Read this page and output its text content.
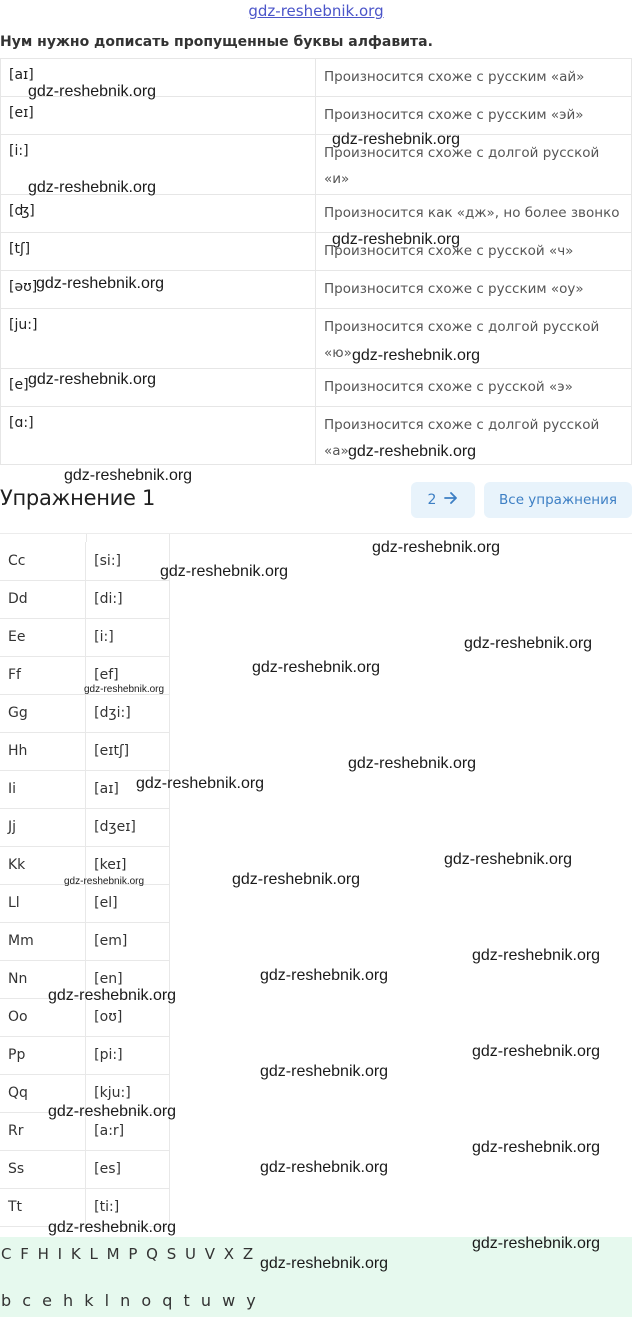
gdz-reshebnik.org
Нум нужно дописать пропущенные буквы алфавита.
[aɪ]	Произносится схоже с русским «ай»
[eɪ]	Произносится схоже с русским «эй»
[i:]	Произносится схоже с долгой русской «и»
[ʤ]	Произносится как «дж», но более звонко
[tʃ]	Произносится схоже с русской «ч»
[əʊ]	Произносится схоже с русским «оу»
[ju:]	Произносится схоже с долгой русской «ю»
[e]	Произносится схоже с русской «э»
[ɑ:]	Произносится схоже с долгой русской «а»
Упражнение 1	2	Все упражнения
Cc	[si:]
Dd	[di:]
Ee	[i:]
Ff	[ef]
Gg	[dʒi:]
Hh	[eɪtʃ]
Ii	[aɪ]
Jj	[dʒeɪ]
Kk	[keɪ]
Ll	[el]
Mm	[em]
Nn	[en]
Oo	[oʊ]
Pp	[pi:]
Qq	[kju:]
Rr	[a:r]
Ss	[es]
Tt	[ti:]
C F H I K L M P Q S U V X Z
b c e h k l n o q t u w y
gdz-reshebnik.org
gdz-reshebnik.org
gdz-reshebnik.org
gdz-reshebnik.org
gdz-reshebnik.org
gdz-reshebnik.org
gdz-reshebnik.org
gdz-reshebnik.org
gdz-reshebnik.org
gdz-reshebnik.org
gdz-reshebnik.org
gdz-reshebnik.org
gdz-reshebnik.org
gdz-reshebnik.org
gdz-reshebnik.org
gdz-reshebnik.org
gdz-reshebnik.org
gdz-reshebnik.org
gdz-reshebnik.org
gdz-reshebnik.org
gdz-reshebnik.org
gdz-reshebnik.org
gdz-reshebnik.org
gdz-reshebnik.org
gdz-reshebnik.org
gdz-reshebnik.org
gdz-reshebnik.org
gdz-reshebnik.org
gdz-reshebnik.org
gdz-reshebnik.org
